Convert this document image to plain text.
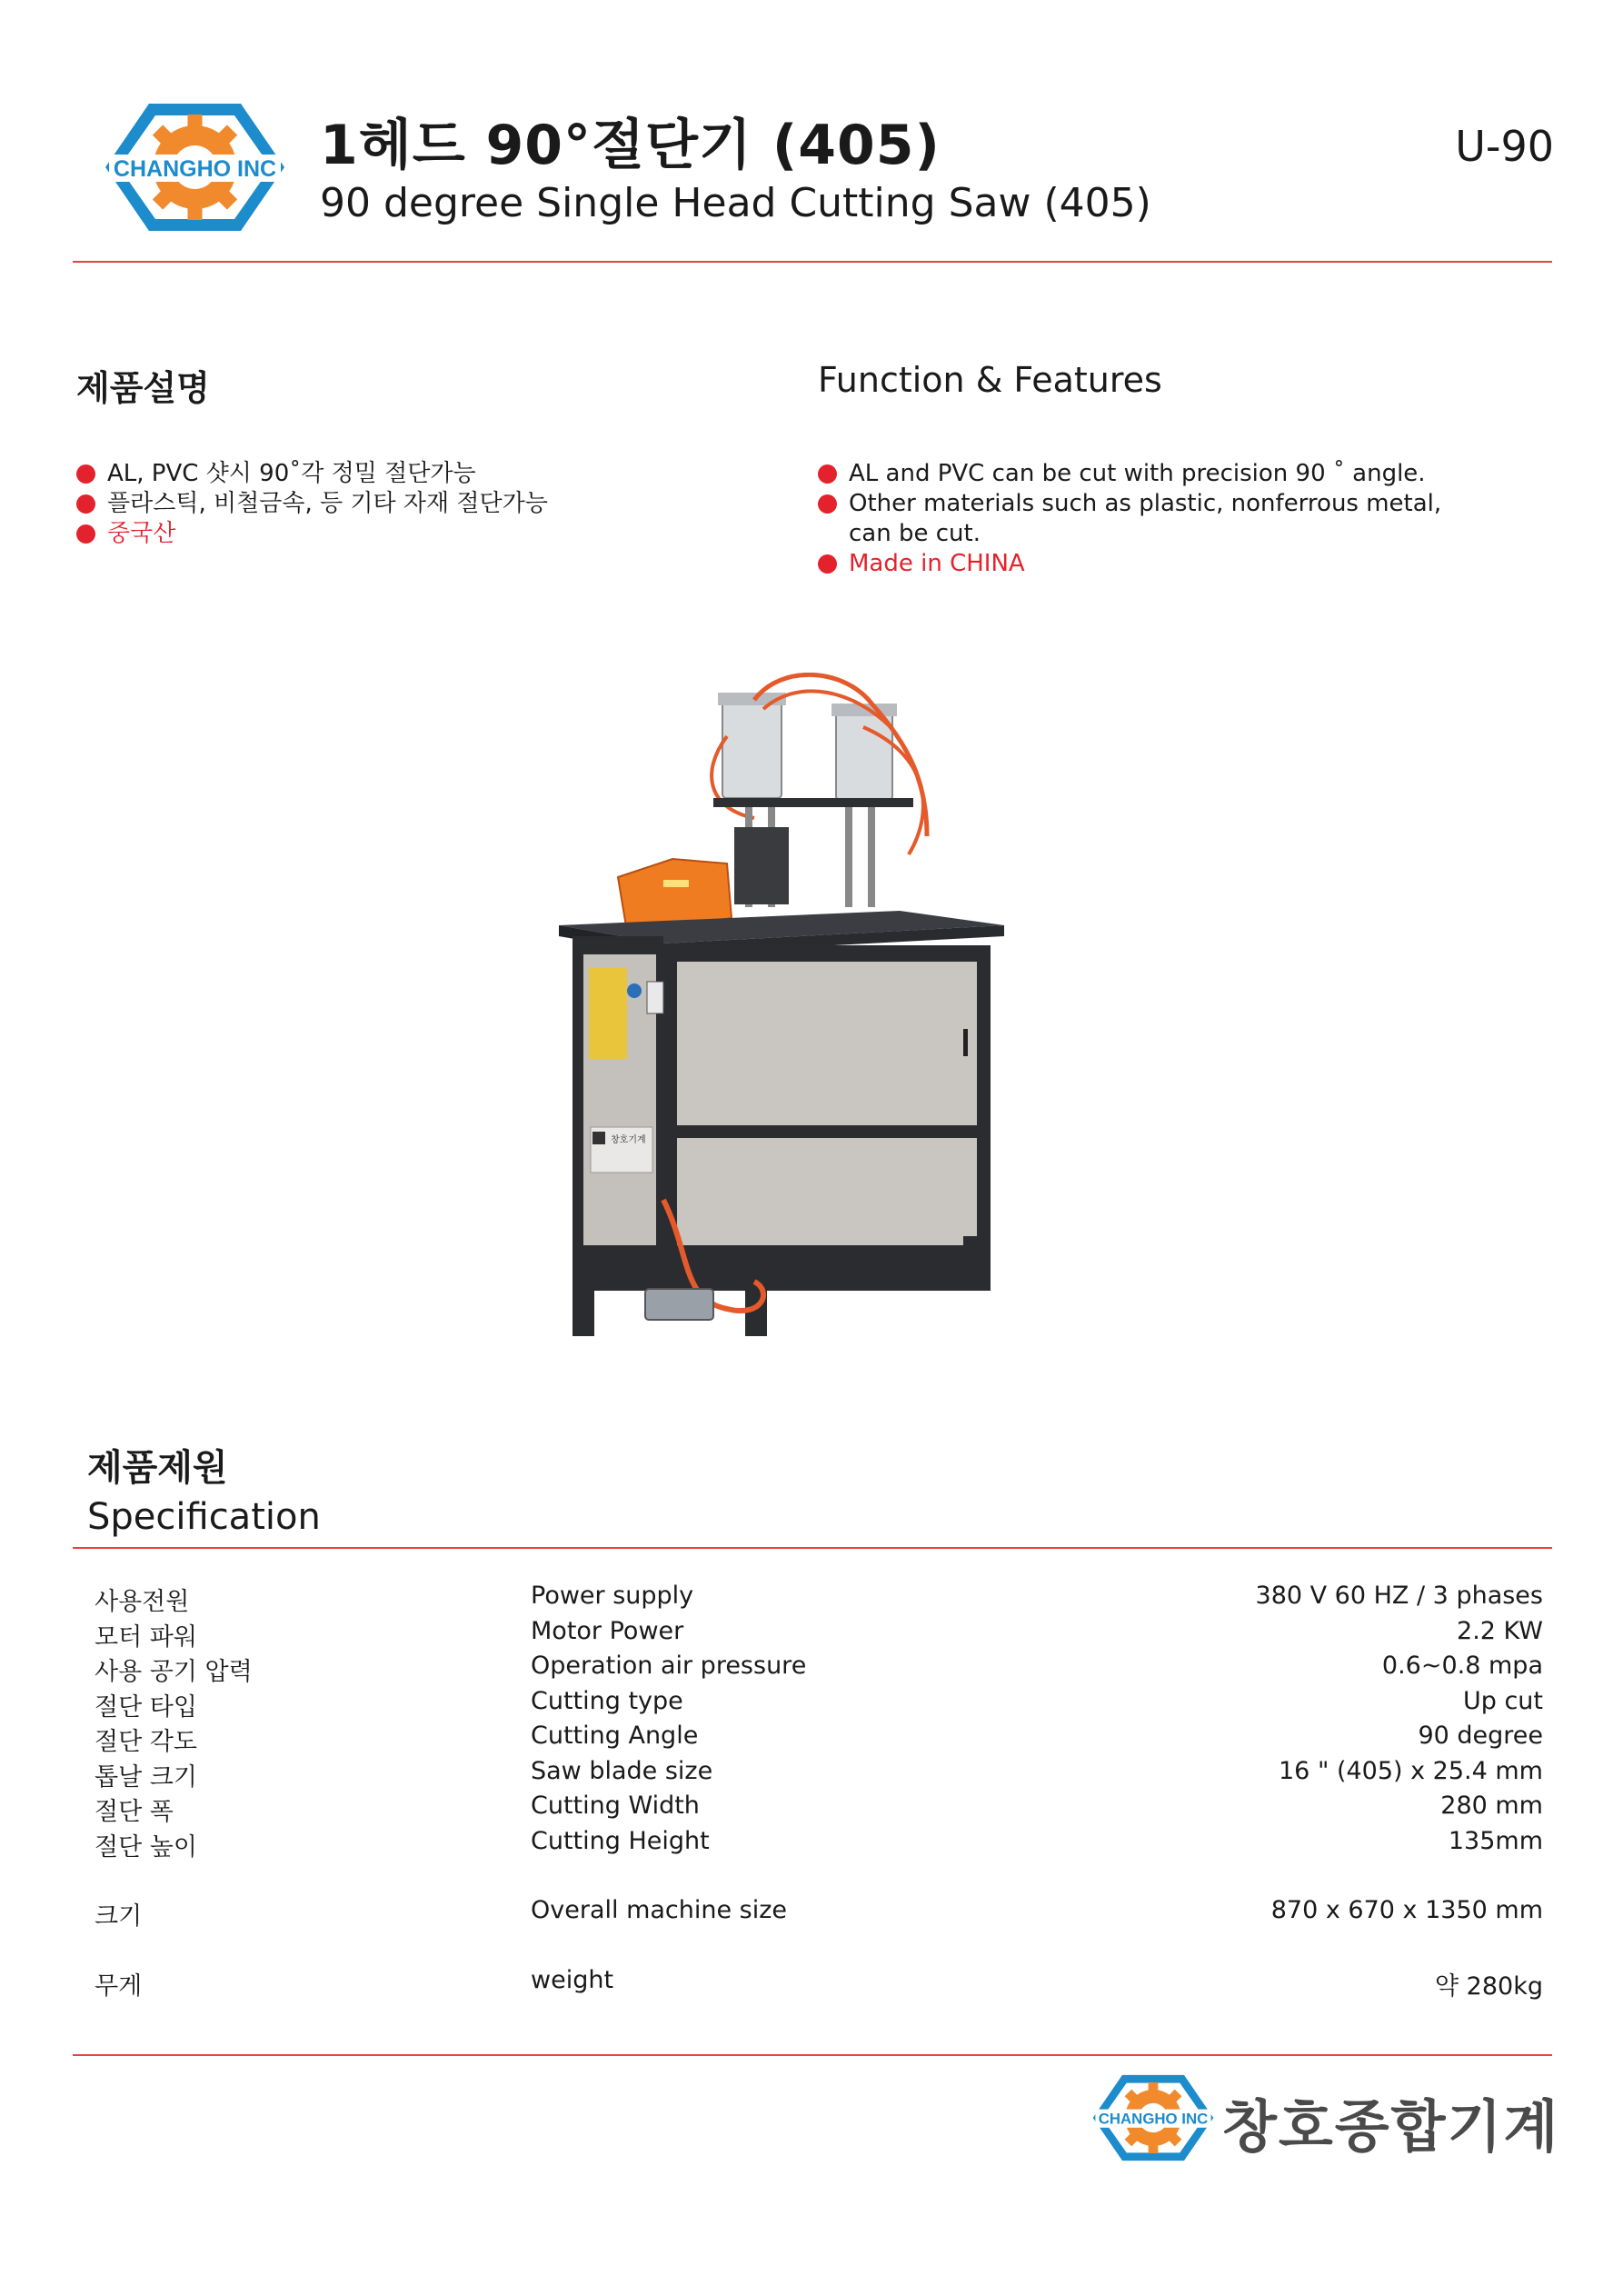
CHANGHO INC 1헤드 90°절단기 (405)
90 degree Single Head Cutting Saw (405)
U-90
제품설명
AL, PVC 샷시 90˚각 정밀 절단가능
플라스틱, 비철금속, 등 기타 자재 절단가능
중국산
Function & Features
AL and PVC can be cut with precision 90 ˚ angle.
Other materials such as plastic, nonferrous metal,
can be cut.
Made in CHINA
창호기계
제품제원
Specification
사용전원	Power supply	380 V 60 HZ / 3 phases
모터 파워	Motor Power	2.2 KW
사용 공기 압력	Operation air pressure	0.6~0.8 mpa
절단 타입	Cutting type	Up cut
절단 각도	Cutting Angle	90 degree
톱날 크기	Saw blade size	16 " (405) x 25.4 mm
절단 폭	Cutting Width	280 mm
절단 높이	Cutting Height	135mm
크기	Overall machine size	870 x 670 x 1350 mm
무게	weight	약 280kg
CHANGHO INC 창호종합기계
